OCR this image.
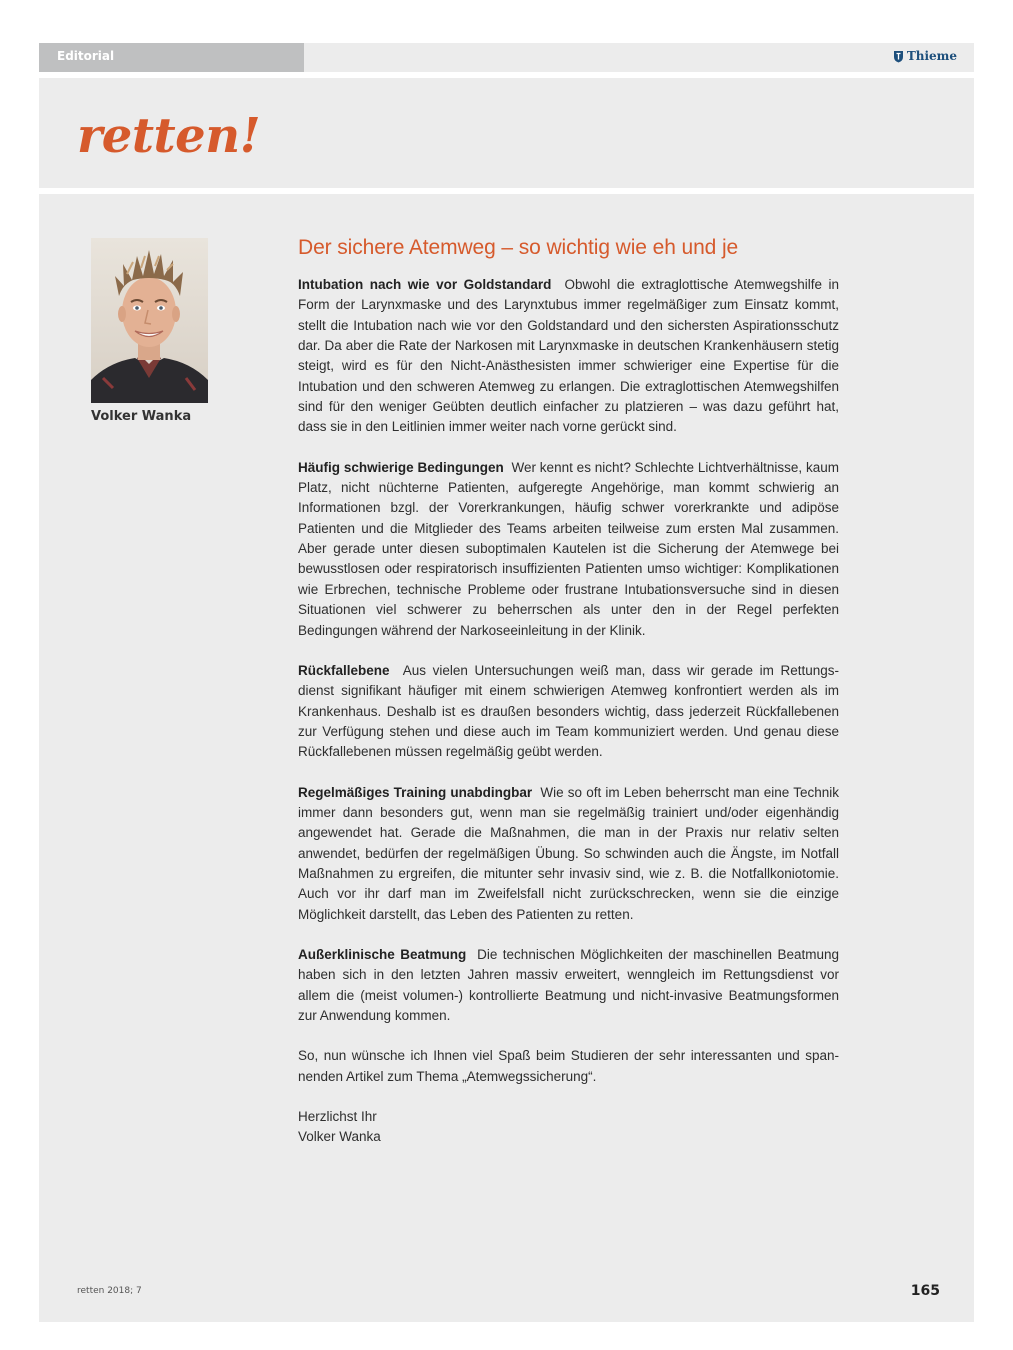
Editorial	Thieme
retten!

Volker Wanka

Der sichere Atemweg – so wichtig wie eh und je

Intubation nach wie vor Goldstandard Obwohl die extraglottische Atemwegshilfe in Form der Larynxmaske und des Larynxtubus immer regelmäßiger zum Einsatz kommt, stellt die Intubation nach wie vor den Goldstandard und den sichersten Aspirationsschutz dar. Da aber die Rate der Narkosen mit Larynxmaske in deutschen Krankenhäusern stetig steigt, wird es für den Nicht-Anästhesisten immer schwieriger eine Expertise für die Intubation und den schweren Atemweg zu erlangen. Die extraglottischen Atemwegshilfen sind für den weniger Geübten deutlich einfacher zu platzieren – was dazu geführt hat, dass sie in den Leitlinien immer weiter nach vorne gerückt sind.

Häufig schwierige Bedingungen Wer kennt es nicht? Schlechte Lichtverhältnisse, kaum Platz, nicht nüchterne Patienten, aufgeregte Angehörige, man kommt schwierig an Informationen bzgl. der Vorerkrankungen, häufig schwer vorerkrankte und adipöse Patienten und die Mitglieder des Teams arbeiten teilweise zum ersten Mal zusammen. Aber gerade unter diesen suboptimalen Kautelen ist die Sicherung der Atemwege bei bewusstlosen oder respiratorisch insuffizienten Patienten umso wichtiger: Komplikationen wie Erbrechen, technische Probleme oder frustrane Intubationsversuche sind in diesen Situationen viel schwerer zu beherrschen als unter den in der Regel perfekten Bedingungen während der Narkoseeinleitung in der Klinik.

Rückfallebene Aus vielen Untersuchungen weiß man, dass wir gerade im Rettungsdienst signifikant häufiger mit einem schwierigen Atemweg konfrontiert werden als im Krankenhaus. Deshalb ist es draußen besonders wichtig, dass jederzeit Rückfallebenen zur Verfügung stehen und diese auch im Team kommuniziert werden. Und genau diese Rückfallebenen müssen regelmäßig geübt werden.

Regelmäßiges Training unabdingbar Wie so oft im Leben beherrscht man eine Technik immer dann besonders gut, wenn man sie regelmäßig trainiert und/oder eigenhändig angewendet hat. Gerade die Maßnahmen, die man in der Praxis nur relativ selten anwendet, bedürfen der regelmäßigen Übung. So schwinden auch die Ängste, im Notfall Maßnahmen zu ergreifen, die mitunter sehr invasiv sind, wie z. B. die Notfallkoniotomie. Auch vor ihr darf man im Zweifelsfall nicht zurückschrecken, wenn sie die einzige Möglichkeit darstellt, das Leben des Patienten zu retten.

Außerklinische Beatmung Die technischen Möglichkeiten der maschinellen Beatmung haben sich in den letzten Jahren massiv erweitert, wenngleich im Rettungsdienst vor allem die (meist volumen-) kontrollierte Beatmung und nicht-invasive Beatmungsformen zur Anwendung kommen.

So, nun wünsche ich Ihnen viel Spaß beim Studieren der sehr interessanten und spannenden Artikel zum Thema „Atemwegssicherung“.

Herzlichst Ihr

Volker Wanka

retten 2018; 7	165
